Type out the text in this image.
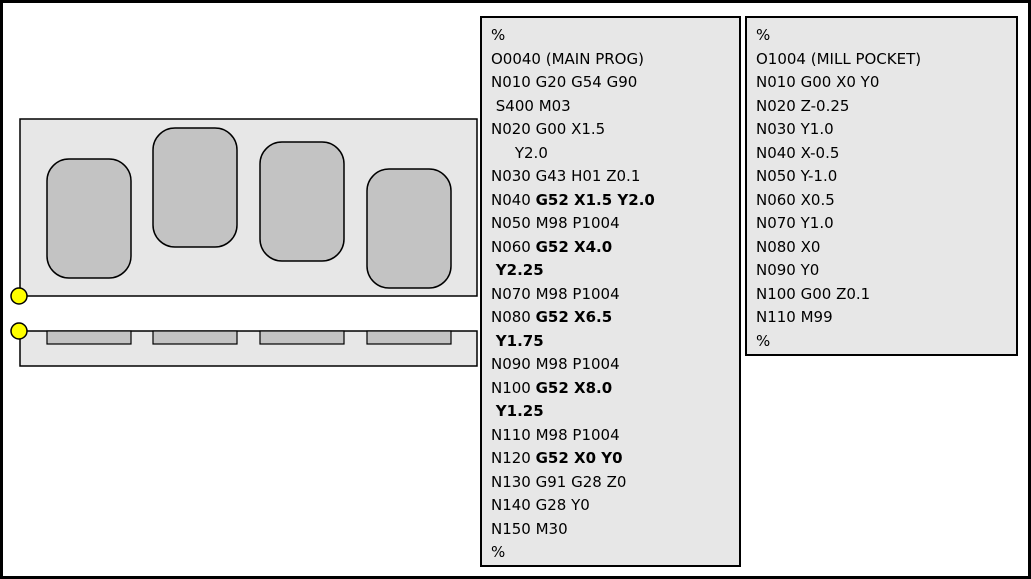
%
O0040 (MAIN PROG)
N010 G20 G54 G90
S400 M03
N020 G00 X1.5
Y2.0
N030 G43 H01 Z0.1
N040 G52 X1.5 Y2.0
N050 M98 P1004
N060 G52 X4.0
Y2.25
N070 M98 P1004
N080 G52 X6.5
Y1.75
N090 M98 P1004
N100 G52 X8.0
Y1.25
N110 M98 P1004
N120 G52 X0 Y0
N130 G91 G28 Z0
N140 G28 Y0
N150 M30
%
%
O1004 (MILL POCKET)
N010 G00 X0 Y0
N020 Z-0.25
N030 Y1.0
N040 X-0.5
N050 Y-1.0
N060 X0.5
N070 Y1.0
N080 X0
N090 Y0
N100 G00 Z0.1
N110 M99
%
